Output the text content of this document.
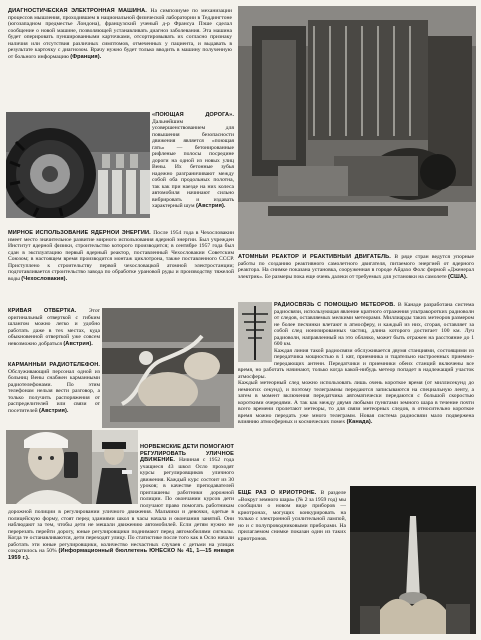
ДИАГНОСТИЧЕСКАЯ ЭЛЕКТРОННАЯ МАШИНА. На симпозиуме по механизации процессов мышления, проходившем в национальной физической лаборатории в Теддингтоне (югозападном предместье Лондона), французский ученый д-р Франсуа Пэше сделал сообщение о новой машине, позволяющей устанавливать диагноз заболевания. Эта машина будет оперировать пуншированными карточками, отсортировывать их согласно признаку наличия или отсутствия различных симптомов, отмеченных у пациента, и выдавать в результате карточку с диагнозом. Врачу нужно будет только вводить в машину полученную от больного информацию (Франция).
«ПОЮЩАЯ ДОРОГА». Дальнейшим усовершенствованием для повышения безопасности движения является «поющая гать» — бетонированные рифленые полосы посредине дороги на одной из новых улиц Вены. Их бетонные зубья надежно разграничивают между собой оба продольных полотна, так как при наезде на них колеса автомобиля начинают сильно вибрировать и издавать характерный шум (Австрия).
МИРНОЕ ИСПОЛЬЗОВАНИЕ ЯДЕРНОЙ ЭНЕРГИИ. После 1954 года в Чехословакии имеет место значительное развитие мирного использования ядерной энергии. Был учрежден Институт ядерной физики, строительство которого производится; в сентябре 1957 года был сдан в эксплуатацию первый ядерный реактор, поставленный Чехословакии Советским Союзом; в настоящем время производится монтаж циклотрона, также поставленного СССР. Приступлено к строительству первой чехословацкой атомной электростанции; подготавливается строительство завода по обработке урановой руды и производству тяжелой воды (Чехословакия).
КРИВАЯ ОТВЕРТКА. Этот оригинальный отверткой с гибким шлангом можно легко и удобно работать даже в тех местах, куда обыкновенной отверткой уже совсем невозможно добраться (Австрия).
КАРМАННЫЙ РАДИОТЕЛЕФОН. Обслуживающий персонал одной из больниц Вены снабжен карманными радиотелефонами. По этим телефонам нельзя вести разговор, а только получить распоряжения от распределителей или связи от посетителей (Австрия).
НОРВЕЖСКИЕ ДЕТИ ПОМОГАЮТ РЕГУЛИРОВАТЬ УЛИЧНОЕ ДВИЖЕНИЕ. Начиная с 1952 года учащиеся 43 школ Осло проходят курсы регулировщиков уличного движения. Каждый курс состоит из 30 уроков; в качестве преподавателей приглашены работники дорожной полиции. По окончании курсов дети получают право помогать работникам дорожной полиции в регулировании уличного движения. Мальчики и девочки, одетые в полицейскую форму, стоят перед зданиями школ в часы начала и окончания занятий. Они наблюдают за тем, чтобы дети не мешали движению автомобилей. Если детям нужно не перерезать перейти дорогу, юные регулировщики поднимают перед автомобилями сигналы. Когда те останавливаются, дети переходят улицу. По статистике после того как в Осло начали работать эти юные регулировщики, количество несчастных случаев с детьми на улицах сократилось на 50% (Информационный бюллетень ЮНЕСКО № 41, 1—15 января 1959 г.).
АТОМНЫЙ РЕАКТОР И РЕАКТИВНЫЙ ДВИГАТЕЛЬ. В ряде стран ведутся упорные работы по созданию реактивного самолетного двигателя, питаемого энергией от ядерного реактора. На снимке показана установка, сооруженная в городе Айдахо Фолс фирмой «Дженерал электрик». Ее размеры пока еще очень далеки от требуемых для установки на самолете (США).
РАДИОСВЯЗЬ С ПОМОЩЬЮ МЕТЕОРОВ. В Канаде разработана система радиосвязи, использующая явление кратного отражения ультракоротких радиоволн от следов, оставляемых мелкими метеорами. Миллиарды таких метеоров размером не более песчинки влетают в атмосферу, и каждый из них, сгорая, оставляет за собой след ионизированных частиц, длина которого достигает 100 км. Луч радиоволн, направленный на это облачко, может быть отражен на расстояние до 1 600 км.
Каждая линия такой радиосвязи обслуживается двумя станциями, состоящими из передатчика мощностью в 1 квт, приемника и тщательно настроенных приемно-передающих антенн. Передатчики и приемники обеих станций включены все время, но работать начинают, только когда какой-нибудь метеор попадет в надлежащий участок атмосферы.
Каждый метеорный след можно использовать лишь очень короткое время (от миллисекунд до немногих секунд), и поэтому телеграммы передаются записываются на специальную ленту, а затем в момент включения передатчика автоматически передаются с большой скоростью короткими очередями. А так как между двумя любыми пунктами земного шара в течение почти всего времени пролетают метеоры, то для связи метеорных следов, в относительно короткое время можно передать уже много телеграмм. Новая система радиосвязи мало подвержена влиянию атмосферных и космических помех (Канада).
ЕЩЕ РАЗ О КРИОТРОНЕ. В разделе «Вокруг земного шара» (№ 2 за 1959 год) мы сообщили о новом виде приборов — криотронах, могущих конкурировать на только с электронной усилительной лампой, но и с полупроводниковыми приборами. На прилагаемом снимке показан один из таких криотронов.
